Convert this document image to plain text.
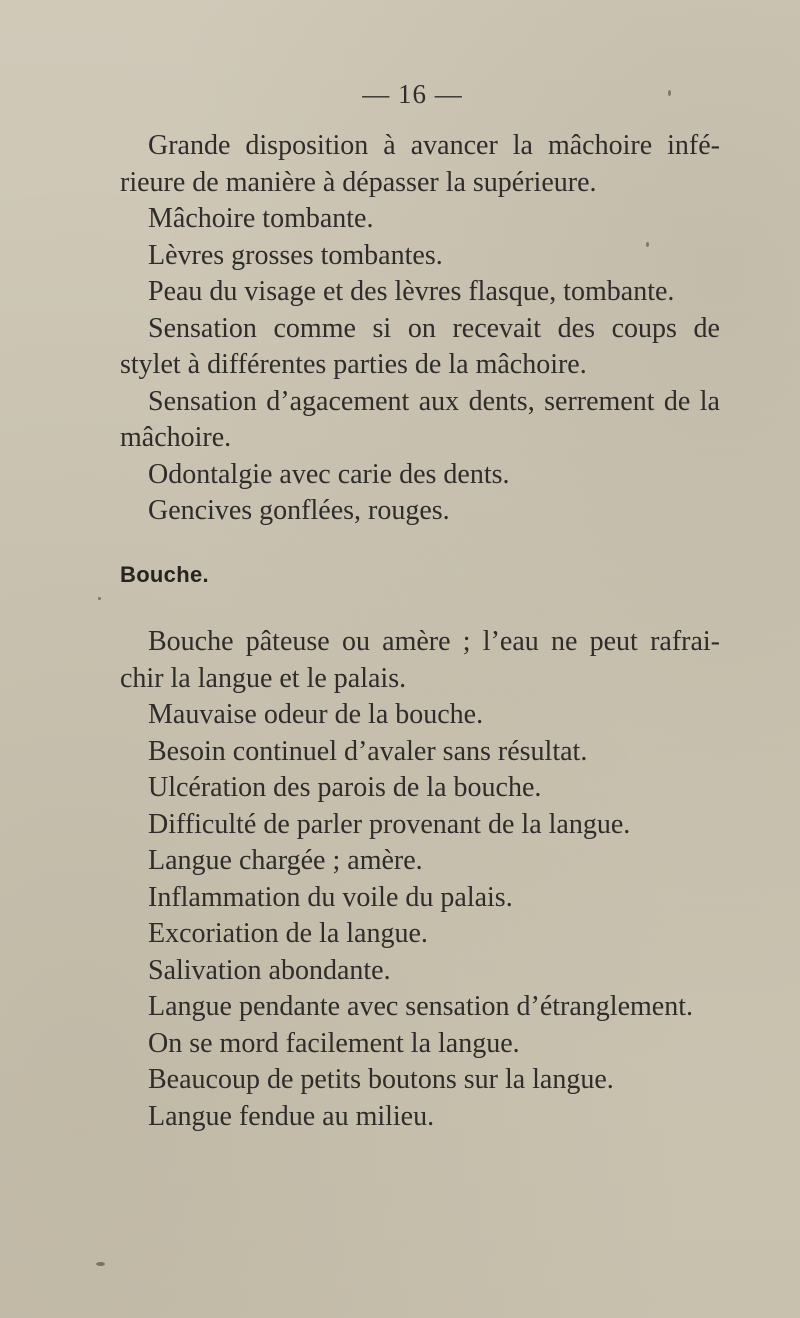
— 16 —

Grande disposition à avancer la mâchoire infé-rieure de manière à dépasser la supérieure.

Mâchoire tombante.

Lèvres grosses tombantes.

Peau du visage et des lèvres flasque, tombante.

Sensation comme si on recevait des coups de stylet à différentes parties de la mâchoire.

Sensation d’agacement aux dents, serrement de la mâchoire.

Odontalgie avec carie des dents.

Gencives gonflées, rouges.

Bouche.

Bouche pâteuse ou amère ; l’eau ne peut rafrai-chir la langue et le palais.

Mauvaise odeur de la bouche.

Besoin continuel d’avaler sans résultat.

Ulcération des parois de la bouche.

Difficulté de parler provenant de la langue.

Langue chargée ; amère.

Inflammation du voile du palais.

Excoriation de la langue.

Salivation abondante.

Langue pendante avec sensation d’étranglement.

On se mord facilement la langue.

Beaucoup de petits boutons sur la langue.

Langue fendue au milieu.
